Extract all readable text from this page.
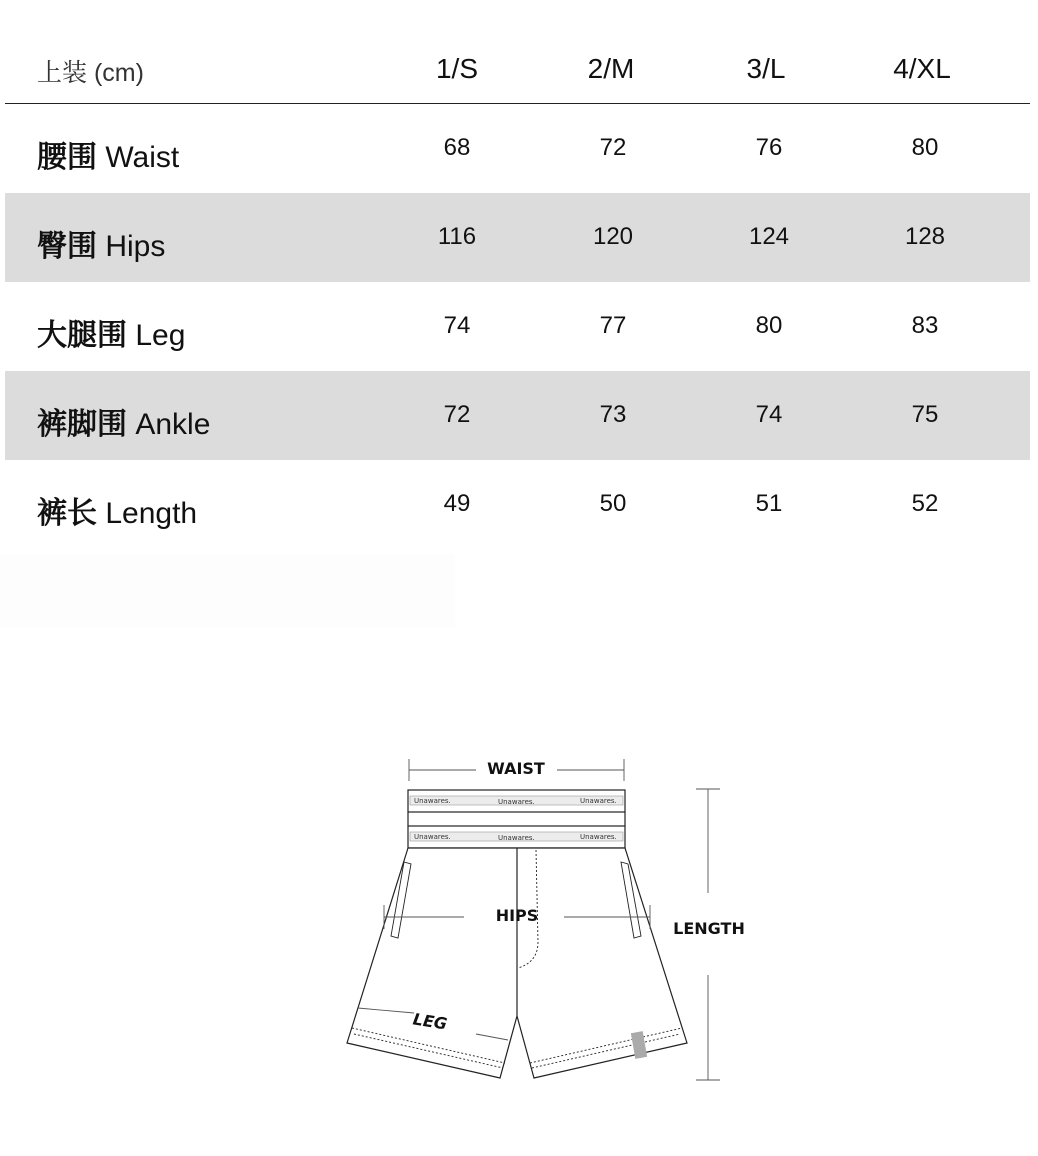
上装 (cm)	1/S	2/M	3/L	4/XL
腰围 Waist	68	72	76	80
臀围 Hips	116	120	124	128
大腿围 Leg	74	77	80	83
裤脚围 Ankle	72	73	74	75
裤长 Length	49	50	51	52
Unawares.	Unawares.	Unawares.
Unawares.	Unawares.	Unawares.
WAIST
HIPS
LENGTH
LEG
